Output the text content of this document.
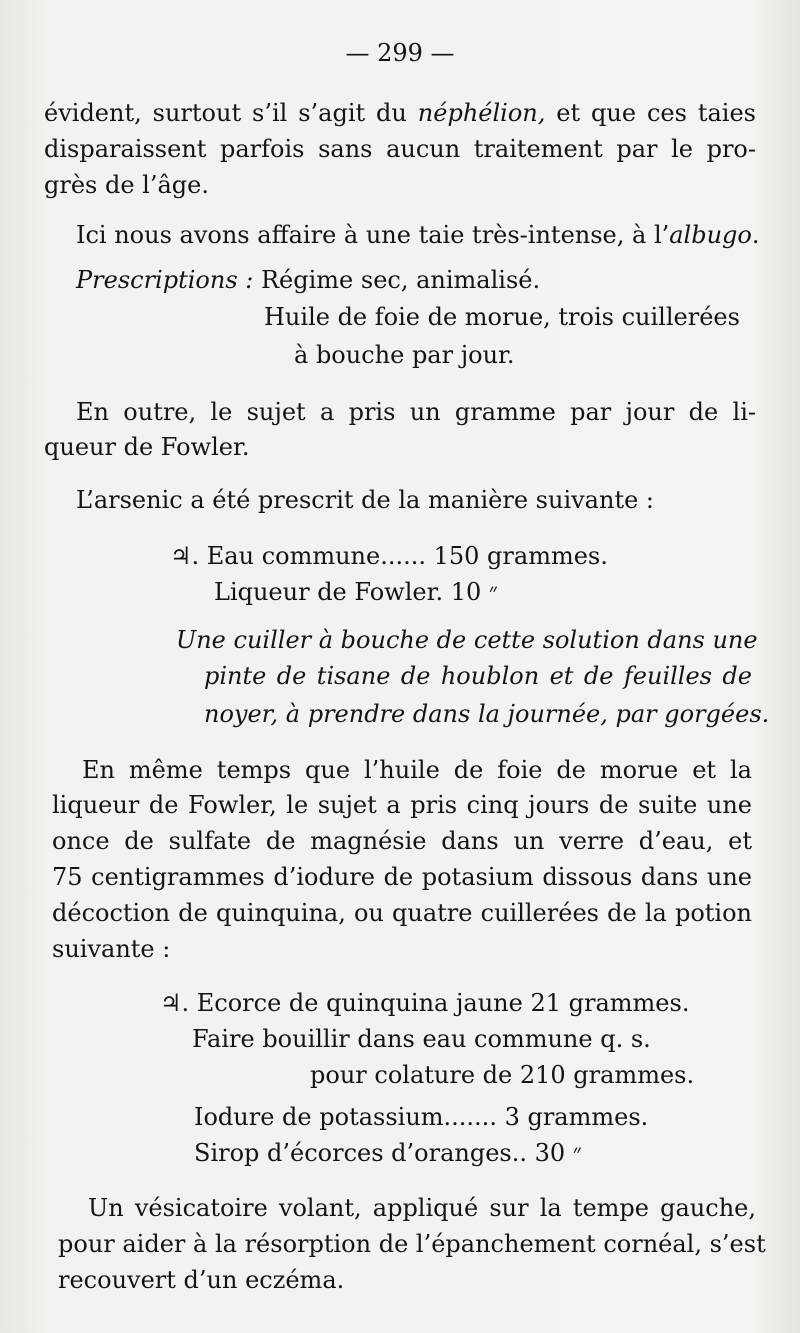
— 299 —
évident, surtout s’il s’agit du néphélion, et que ces taies
disparaissent parfois sans aucun traitement par le pro-
grès de l’âge.
Ici nous avons affaire à une taie très-intense, à l’albugo.
Prescriptions : Régime sec, animalisé.
Huile de foie de morue, trois cuillerées
à bouche par jour.
En outre, le sujet a pris un gramme par jour de li-
queur de Fowler.
L’arsenic a été prescrit de la manière suivante :
♃. Eau commune...... 150 grammes.
Liqueur de Fowler. 10 ״
Une cuiller à bouche de cette solution dans une
pinte de tisane de houblon et de feuilles de
noyer, à prendre dans la journée, par gorgées.
En même temps que l’huile de foie de morue et la
liqueur de Fowler, le sujet a pris cinq jours de suite une
once de sulfate de magnésie dans un verre d’eau, et
75 centigrammes d’iodure de potasium dissous dans une
décoction de quinquina, ou quatre cuillerées de la potion
suivante :
♃. Ecorce de quinquina jaune 21 grammes.
Faire bouillir dans eau commune q. s.
pour colature de 210 grammes.
Iodure de potassium....... 3 grammes.
Sirop d’écorces d’oranges.. 30 ״
Un vésicatoire volant, appliqué sur la tempe gauche,
pour aider à la résorption de l’épanchement cornéal, s’est
recouvert d’un eczéma.
